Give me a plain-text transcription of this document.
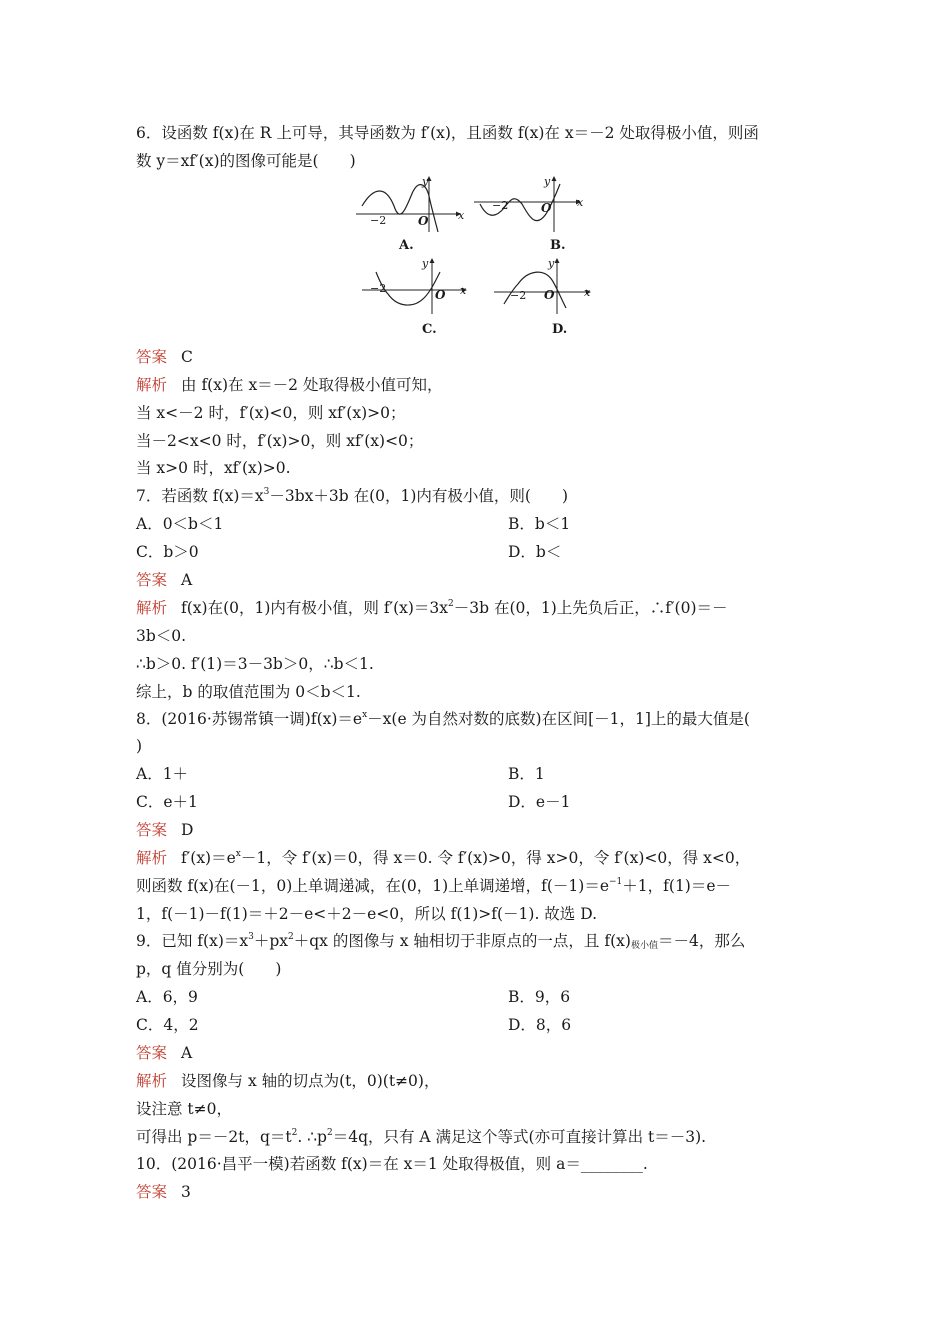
6．设函数 f(x)在 R 上可导，其导函数为 f′(x)，且函数 f(x)在 x＝－2 处取得极小值，则函
数 y＝xf′(x)的图像可能是(　　)
y
x
O
−2
A.
y
x
O
−2
B.
y
x
O
−2
C.
y
x
O
−2
D.
答案 C
解析 由 f(x)在 x＝－2 处取得极小值可知，
当 x<－2 时，f′(x)<0，则 xf′(x)>0；
当－2<x<0 时，f′(x)>0，则 xf′(x)<0；
当 x>0 时，xf′(x)>0.
7．若函数 $f(x)=x^3-3bx+3b$ 在(0，1)内有极小值，则(　　)
A．0＜b＜1	B．b＜1
C．b＞0	D．b＜
答案 A
解析 f(x)在(0，1)内有极小值，则 $f'(x)=3x^2-3b$ 在(0，1)上先负后正，∴f′(0)＝－
3b＜0.
∴b＞0. f′(1)＝3－3b＞0，∴b＜1.
综上，b 的取值范围为 0＜b＜1.
8．(2016·苏锡常镇一调)$f(x)=e^x-x(e$ 为自然对数的底数)在区间[－1，1]上的最大值是(
)
A．1＋	B．1
C．e＋1	D．e－1
答案 D
解析 $f'(x)=e^x-1$，令 f′(x)＝0，得 x＝0. 令 f′(x)>0，得 x>0，令 f′(x)<0，得 x<0，
则函数 f(x)在(－1，0)上单调递减，在(0，1)上单调递增，$f(-1)=e^{-1}+1$，f(1)＝e－
1，f(－1)－f(1)＝＋2－e<＋2－e<0，所以 f(1)>f(－1). 故选 D.
9．已知 $f(x)=x^3+px^2+qx$ 的图像与 x 轴相切于非原点的一点，且 $f(x)_{极小值}=-4$，那么
p，q 值分别为(　　)
A．6，9	B．9，6
C．4，2	D．8，6
答案 A
解析 设图像与 x 轴的切点为(t，0)(t≠0)，
设注意 t≠0，
可得出 p＝－2t，$q=t^2$. $\therefore p^2=4q$，只有 A 满足这个等式(亦可直接计算出 t＝－3).
10．(2016·昌平一模)若函数 f(x)＝在 x＝1 处取得极值，则 a＝________.
答案 3
